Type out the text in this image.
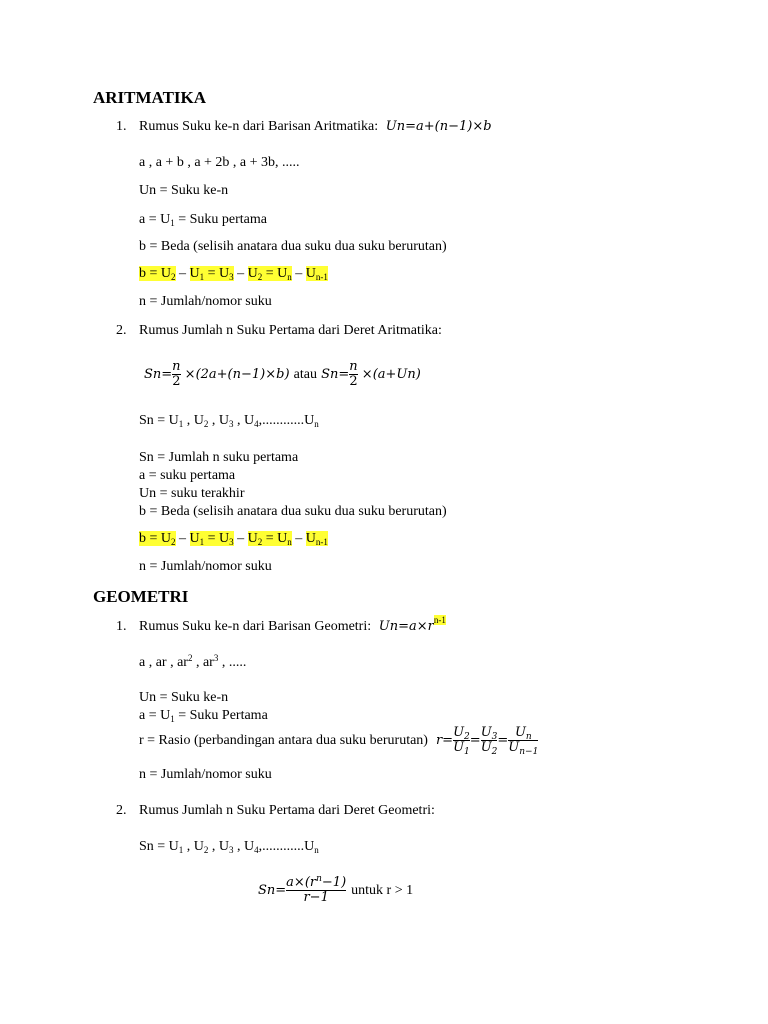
ARITMATIKA
1. Rumus Suku ke-n dari Barisan Aritmatika:  Un=a+(n−1)×b
a , a + b , a + 2b , a + 3b, .....
Un = Suku ke-n
$a = U_1$ = Suku pertama
b = Beda (selisih anatara dua suku dua suku berurutan)
$b = U_2 - U_1 = U_3 - U_2 = U_n - U_{n-1}$
n = Jumlah/nomor suku
2. Rumus Jumlah n Suku Pertama dari Deret Aritmatika:
$Sn= \frac{n}{2} \times(2a+(n-1)\times b)$ atau $Sn= \frac{n}{2} \times(a+Un)$
$Sn = U_1$ , $U_2$ , $U_3$ , $U_4,............U_n$
Sn = Jumlah n suku pertama
a = suku pertama
Un = suku terakhir
b = Beda (selisih anatara dua suku dua suku berurutan)
$b = U_2 - U_1 = U_3 - U_2 = U_n - U_{n-1}$
n = Jumlah/nomor suku
GEOMETRI
1. Rumus Suku ke-n dari Barisan Geometri:  $Un=a\times r^{n-1}$
a , ar , $ar^2$ , $ar^3$ , .....
Un = Suku ke-n
$a = U_1$ = Suku Pertama
r = Rasio (perbandingan antara dua suku berurutan) $r= \frac{U_2}{U_1} = \frac{U_3}{U_2} = \frac{U_n}{U_{n-1}}$
n = Jumlah/nomor suku
2. Rumus Jumlah n Suku Pertama dari Deret Geometri:
$Sn = U_1$ , $U_2$ , $U_3$ , $U_4,............U_n$
$Sn= \frac{a\times(r^n-1)}{r-1}$ untuk r > 1
